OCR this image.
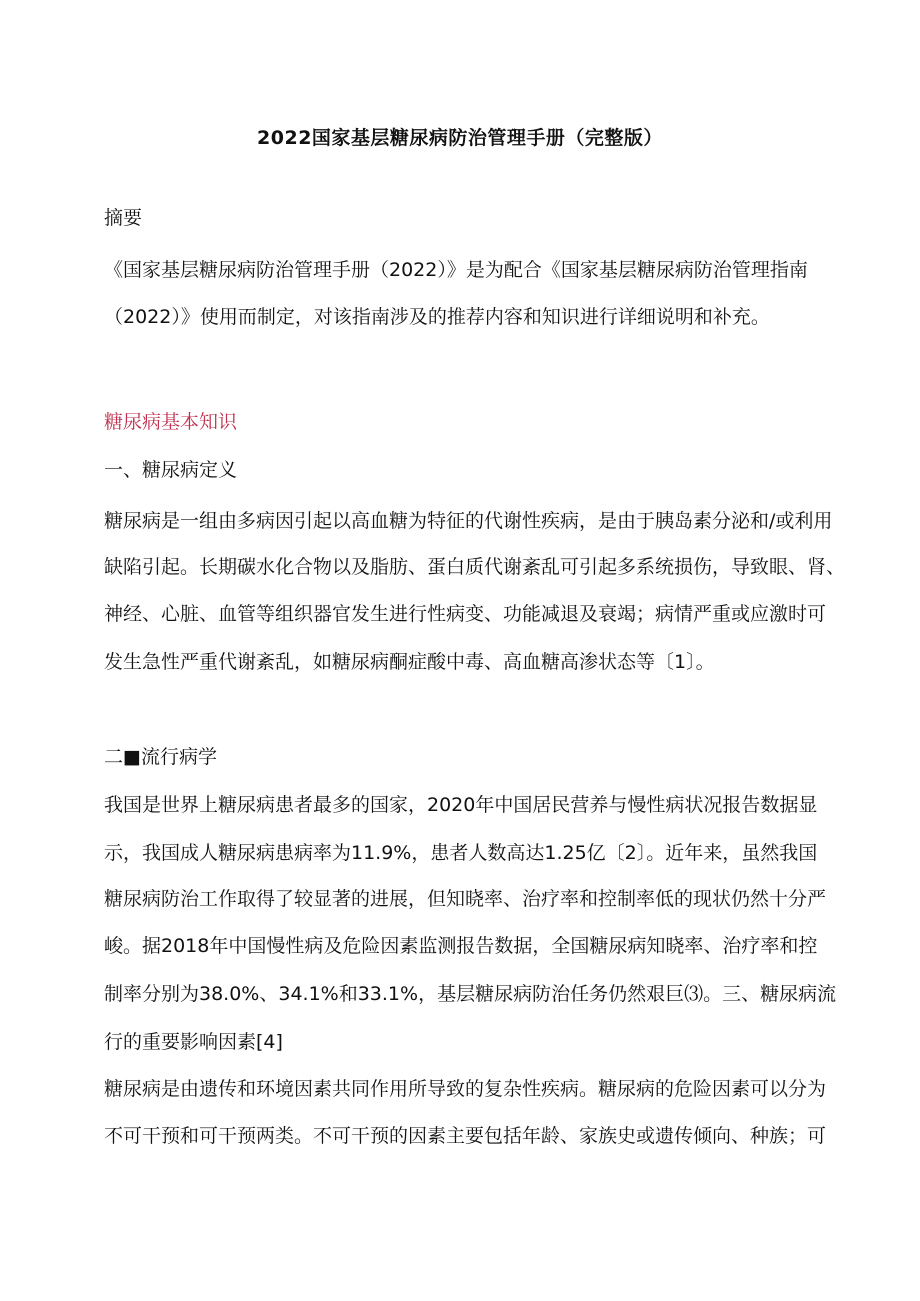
2022国家基层糖尿病防治管理手册（完整版）
摘要
《国家基层糖尿病防治管理手册（2022）》是为配合《国家基层糖尿病防治管理指南
（2022）》使用而制定，对该指南涉及的推荐内容和知识进行详细说明和补充。
糖尿病基本知识
一、糖尿病定义
糖尿病是一组由多病因引起以高血糖为特征的代谢性疾病，是由于胰岛素分泌和/或利用
缺陷引起。长期碳水化合物以及脂肪、蛋白质代谢紊乱可引起多系统损伤，导致眼、肾、
神经、心脏、血管等组织器官发生进行性病变、功能减退及衰竭；病情严重或应激时可
发生急性严重代谢紊乱，如糖尿病酮症酸中毒、高血糖高渗状态等〔1〕。
二■流行病学
我国是世界上糖尿病患者最多的国家，2020年中国居民营养与慢性病状况报告数据显
示，我国成人糖尿病患病率为11.9%，患者人数高达1.25亿〔2〕。近年来，虽然我国
糖尿病防治工作取得了较显著的进展，但知晓率、治疗率和控制率低的现状仍然十分严
峻。据2018年中国慢性病及危险因素监测报告数据，全国糖尿病知晓率、治疗率和控
制率分别为38.0%、34.1%和33.1%，基层糖尿病防治任务仍然艰巨⑶。三、糖尿病流
行的重要影响因素[4]
糖尿病是由遗传和环境因素共同作用所导致的复杂性疾病。糖尿病的危险因素可以分为
不可干预和可干预两类。不可干预的因素主要包括年龄、家族史或遗传倾向、种族；可
